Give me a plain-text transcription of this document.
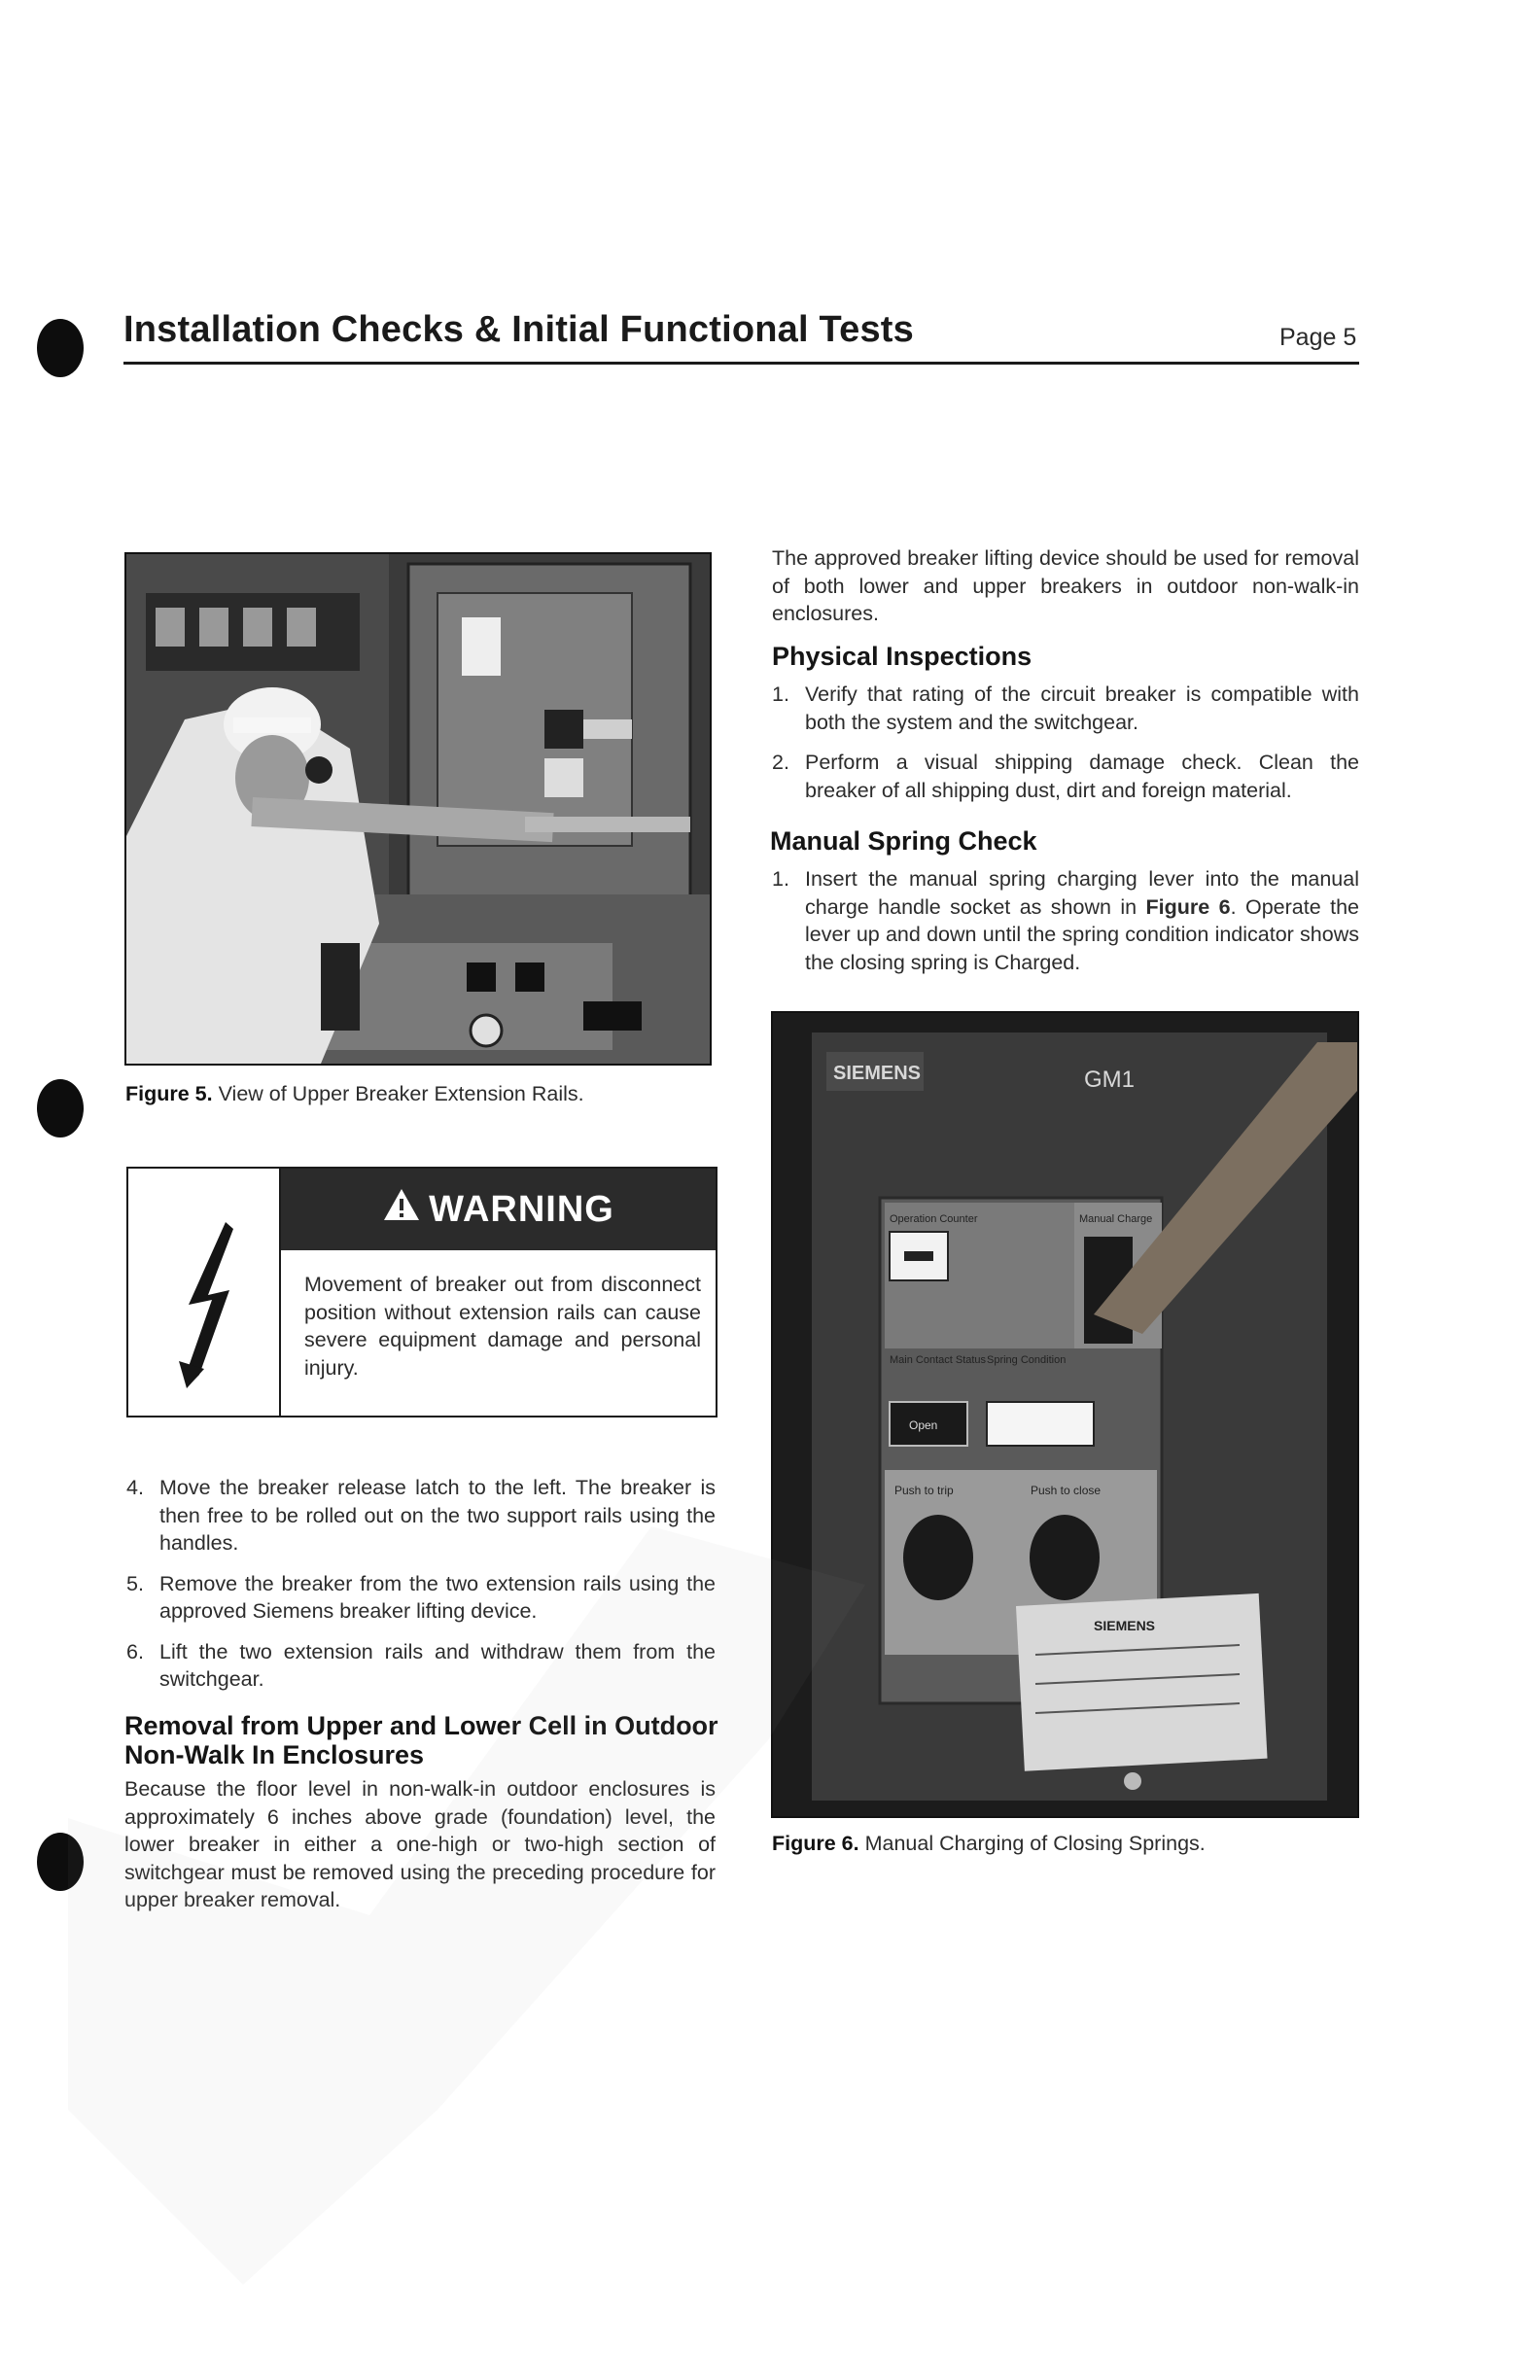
Installation Checks & Initial Functional Tests	Page 5
Figure 5. View of Upper Breaker Extension Rails.
WARNING
Movement of breaker out from disconnect position without extension rails can cause severe equipment damage and personal injury.
4. Move the breaker release latch to the left. The breaker is then free to be rolled out on the two support rails using the handles.
5. Remove the breaker from the two extension rails using the approved Siemens breaker lifting device.
6. Lift the two extension rails and withdraw them from the switchgear.
Removal from Upper and Lower Cell in Outdoor Non-Walk In Enclosures

Because the floor level in non-walk-in outdoor enclosures is approximately 6 inches above grade (foundation) level, the lower breaker in either a one-high or two-high section of switchgear must be removed using the preceding procedure for upper breaker removal.

The approved breaker lifting device should be used for removal of both lower and upper breakers in outdoor non-walk-in enclosures.

Physical Inspections
1. Verify that rating of the circuit breaker is compatible with both the system and the switchgear.
2. Perform a visual shipping damage check. Clean the breaker of all shipping dust, dirt and foreign material.
Manual Spring Check
1. Insert the manual spring charging lever into the manual charge handle socket as shown in Figure 6. Operate the lever up and down until the spring condition indicator shows the closing spring is Charged.
SIEMENS	GM1
Operation Counter	Manual Charge
Main Contact Status Spring Condition
Open
Push to trip	Push to close
SIEMENS
Figure 6. Manual Charging of Closing Springs.
